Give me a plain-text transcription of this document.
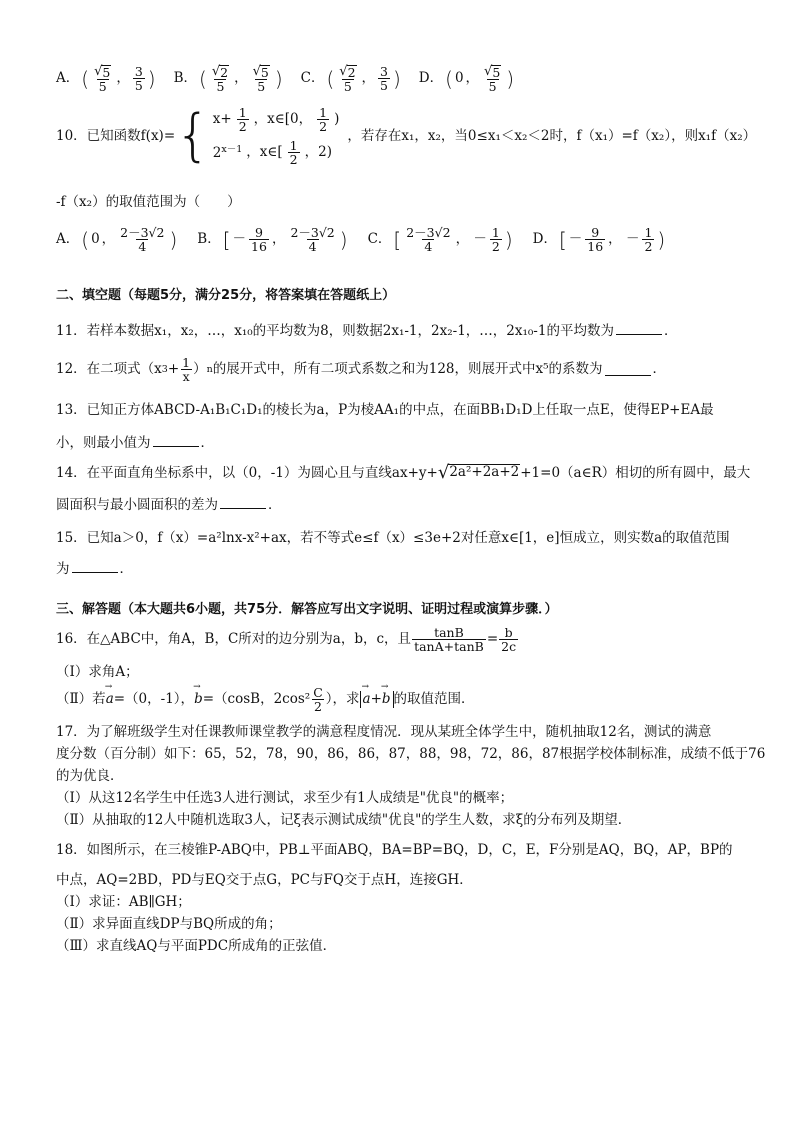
A． ( $\frac{√ 5}{5}$ ， $\frac{3}{5}$ ) B． ( $\frac{√ 2}{5}$ ， $\frac{√ 5}{5}$ ) C． ( $\frac{√ 2}{5}$ ， $\frac{3}{5}$ ) D． ( 0 ， $\frac{√ 5}{5}$ )
10．已知函数f(x)= { $x+ \frac{1}{2}$ ，x∈[0， $\frac{1}{2}$ )
$2^{x-1}$ ，x∈[ $\frac{1}{2}$ ，2)
，若存在x₁，x₂，当0≤x₁＜x₂＜2时，f（x₁）=f（x₂），则x₁f（x₂）
-f（x₂）的取值范围为（　　）
A． ( 0 ， $\frac{2-3√2}{4}$ ) B． [ － $\frac{9}{16}$ ， $\frac{2-3√2}{4}$ ) C． [ $\frac{2-3√2}{4}$ ， － $\frac{1}{2}$ ) D． [ － $\frac{9}{16}$ ， － $\frac{1}{2}$ )
二、填空题（每题5分，满分25分，将答案填在答题纸上）
11．若样本数据x₁，x₂，…，x₁₀的平均数为8，则数据2x₁-1，2x₂-1，…，2x₁₀-1的平均数为	．
12．在二项式（x $3 + \frac{1}{x}$ ） n 的展开式中，所有二项式系数之和为128，则展开式中x⁵的系数为	．
13．已知正方体ABCD-A₁B₁C₁D₁的棱长为a，P为棱AA₁的中点，在面BB₁D₁D上任取一点E，使得EP+EA最
小，则最小值为	．
14．在平面直角坐标系中，以（0，-1）为圆心且与直线ax+y+ √ 2a²+2a+2 +1=0（a∈R）相切的所有圆中，最大
圆面积与最小圆面积的差为	．
15．已知a＞0，f（x）=a²lnx-x²+ax，若不等式e≤f（x）≤3e+2对任意x∈[1，e]恒成立，则实数a的取值范围
为	．
三、解答题（本大题共6小题，共75分．解答应写出文字说明、证明过程或演算步骤．）
16．在△ABC中，角A，B，C所对的边分别为a，b，c，且 $\frac{\tan B}{\tan A+\tan B} = \frac{b}{2c}$
（I）求角A；
（Ⅱ）若 → a =（0，-1）， → b =（cosB，$2\cos^2 \frac{C}{2}$ ），求 → a+→ b 的取值范围．
17．为了解班级学生对任课教师课堂教学的满意程度情况．现从某班全体学生中，随机抽取12名，测试的满意
度分数（百分制）如下：65，52，78，90，86，86，87，88，98，72，86，87根据学校体制标准，成绩不低于76
的为优良．
（Ⅰ）从这12名学生中任选3人进行测试，求至少有1人成绩是"优良"的概率；
（Ⅱ）从抽取的12人中随机选取3人，记ξ表示测试成绩"优良"的学生人数，求ξ的分布列及期望．
18．如图所示，在三棱锥P-ABQ中，PB⊥平面ABQ，BA=BP=BQ，D，C，E，F分别是AQ，BQ，AP，BP的
中点，AQ=2BD，PD与EQ交于点G，PC与FQ交于点H，连接GH．
（Ⅰ）求证：AB∥GH；
（Ⅱ）求异面直线DP与BQ所成的角；
（Ⅲ）求直线AQ与平面PDC所成角的正弦值．
